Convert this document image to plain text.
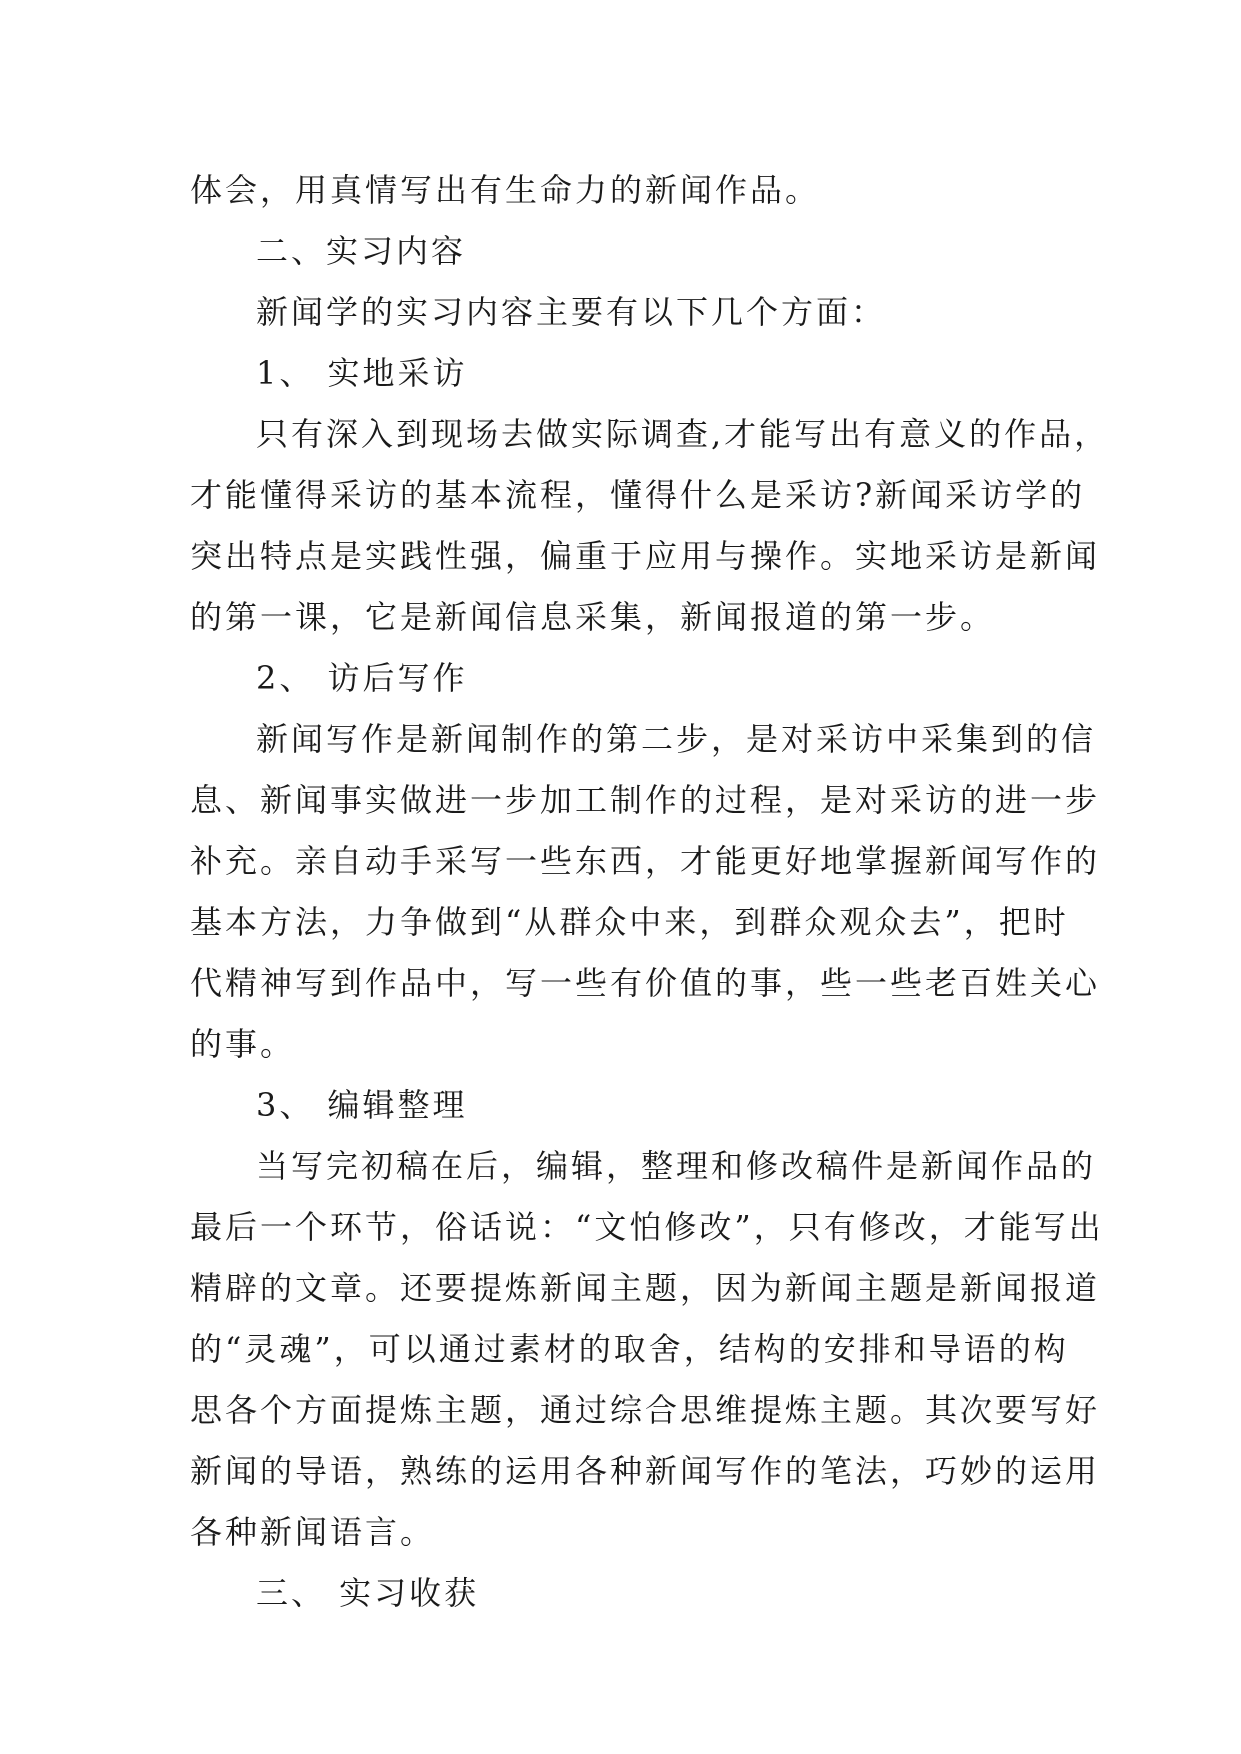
体会，用真情写出有生命力的新闻作品。

二、实习内容

新闻学的实习内容主要有以下几个方面：

1、 实地采访

只有深入到现场去做实际调查,才能写出有意义的作品，

才能懂得采访的基本流程，懂得什么是采访?新闻采访学的

突出特点是实践性强，偏重于应用与操作。实地采访是新闻

的第一课，它是新闻信息采集，新闻报道的第一步。

2、 访后写作

新闻写作是新闻制作的第二步，是对采访中采集到的信

息、新闻事实做进一步加工制作的过程，是对采访的进一步

补充。亲自动手采写一些东西，才能更好地掌握新闻写作的

基本方法，力争做到“从群众中来，到群众观众去”，把时

代精神写到作品中，写一些有价值的事，些一些老百姓关心

的事。

3、 编辑整理

当写完初稿在后，编辑，整理和修改稿件是新闻作品的

最后一个环节，俗话说：“文怕修改”，只有修改，才能写出

精辟的文章。还要提炼新闻主题，因为新闻主题是新闻报道

的“灵魂”，可以通过素材的取舍，结构的安排和导语的构

思各个方面提炼主题，通过综合思维提炼主题。其次要写好

新闻的导语，熟练的运用各种新闻写作的笔法，巧妙的运用

各种新闻语言。

三、 实习收获
